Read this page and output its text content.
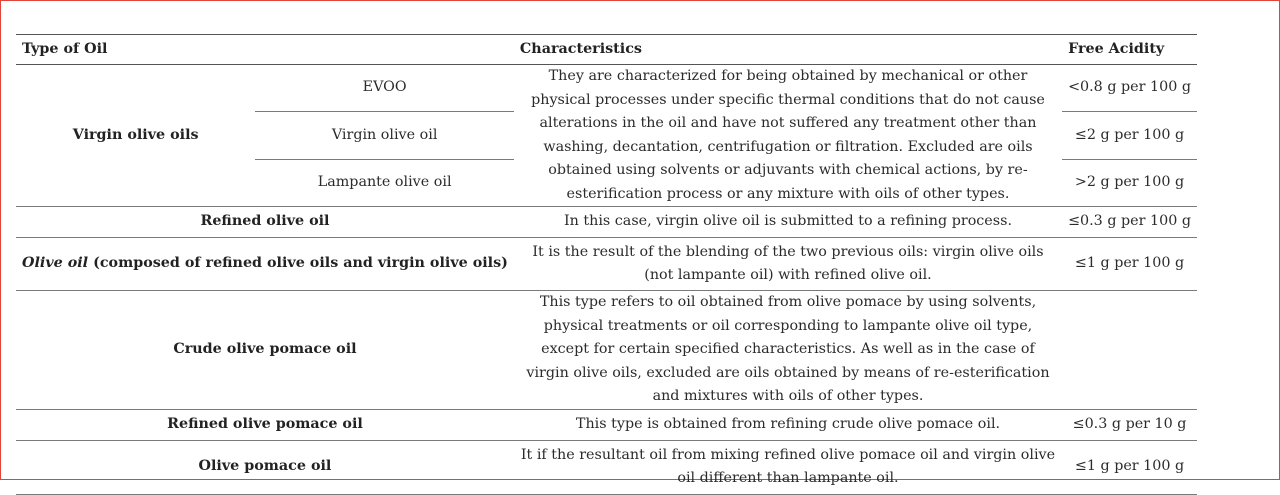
Type of Oil		Characteristics	Free Acidity
Virgin olive oils	EVOO	They are characterized for being obtained by mechanical or other physical processes under specific thermal conditions that do not cause alterations in the oil and have not suffered any treatment other than washing, decantation, centrifugation or filtration. Excluded are oils obtained using solvents or adjuvants with chemical actions, by re-esterification process or any mixture with oils of other types.	<0.8 g per 100 g
	Virgin olive oil		≤2 g per 100 g
	Lampante olive oil		>2 g per 100 g
Refined olive oil		In this case, virgin olive oil is submitted to a refining process.	≤0.3 g per 100 g
Olive oil (composed of refined olive oils and virgin olive oils)		It is the result of the blending of the two previous oils: virgin olive oils (not lampante oil) with refined olive oil.	≤1 g per 100 g
Crude olive pomace oil		This type refers to oil obtained from olive pomace by using solvents, physical treatments or oil corresponding to lampante olive oil type, except for certain specified characteristics. As well as in the case of virgin olive oils, excluded are oils obtained by means of re-esterification and mixtures with oils of other types.	
Refined olive pomace oil		This type is obtained from refining crude olive pomace oil.	≤0.3 g per 10 g
Olive pomace oil		It if the resultant oil from mixing refined olive pomace oil and virgin olive oil different than lampante oil.	≤1 g per 100 g
